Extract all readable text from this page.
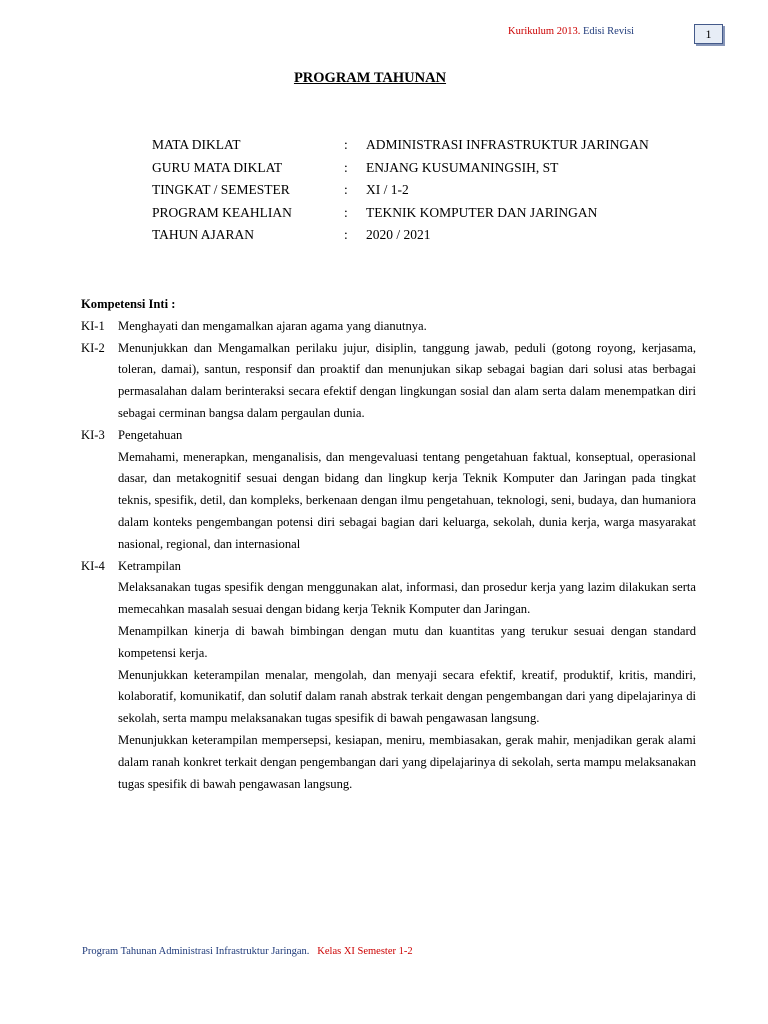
Kurikulum 2013. Edisi Revisi	1
PROGRAM TAHUNAN
MATA DIKLAT	:	ADMINISTRASI INFRASTRUKTUR JARINGAN
GURU MATA DIKLAT	:	ENJANG KUSUMANINGSIH, ST
TINGKAT / SEMESTER	:	XI / 1-2
PROGRAM KEAHLIAN	:	TEKNIK KOMPUTER DAN JARINGAN
TAHUN AJARAN	:	2020 / 2021
Kompetensi Inti :
KI-1	Menghayati dan mengamalkan ajaran agama yang dianutnya.

KI-2	Menunjukkan dan Mengamalkan perilaku jujur, disiplin, tanggung jawab, peduli (gotong royong, kerjasama, toleran, damai), santun, responsif dan proaktif dan menunjukan sikap sebagai bagian dari solusi atas berbagai permasalahan dalam berinteraksi secara efektif dengan lingkungan sosial dan alam serta dalam menempatkan diri sebagai cerminan bangsa dalam pergaulan dunia.

KI-3	Pengetahuan

Memahami, menerapkan, menganalisis, dan mengevaluasi tentang pengetahuan faktual, konseptual, operasional dasar, dan metakognitif sesuai dengan bidang dan lingkup kerja Teknik Komputer dan Jaringan pada tingkat teknis, spesifik, detil, dan kompleks, berkenaan dengan ilmu pengetahuan, teknologi, seni, budaya, dan humaniora dalam konteks pengembangan potensi diri sebagai bagian dari keluarga, sekolah, dunia kerja, warga masyarakat nasional, regional, dan internasional

KI-4	Ketrampilan

Melaksanakan tugas spesifik dengan menggunakan alat, informasi, dan prosedur kerja yang lazim dilakukan serta memecahkan masalah sesuai dengan bidang kerja Teknik Komputer dan Jaringan.

Menampilkan kinerja di bawah bimbingan dengan mutu dan kuantitas yang terukur sesuai dengan standard kompetensi kerja.

Menunjukkan keterampilan menalar, mengolah, dan menyaji secara efektif, kreatif, produktif, kritis, mandiri, kolaboratif, komunikatif, dan solutif dalam ranah abstrak terkait dengan pengembangan dari yang dipelajarinya di sekolah, serta mampu melaksanakan tugas spesifik di bawah pengawasan langsung.

Menunjukkan keterampilan mempersepsi, kesiapan, meniru, membiasakan, gerak mahir, menjadikan gerak alami dalam ranah konkret terkait dengan pengembangan dari yang dipelajarinya di sekolah, serta mampu melaksanakan tugas spesifik di bawah pengawasan langsung.

Program Tahunan Administrasi Infrastruktur Jaringan. Kelas XI Semester 1-2
